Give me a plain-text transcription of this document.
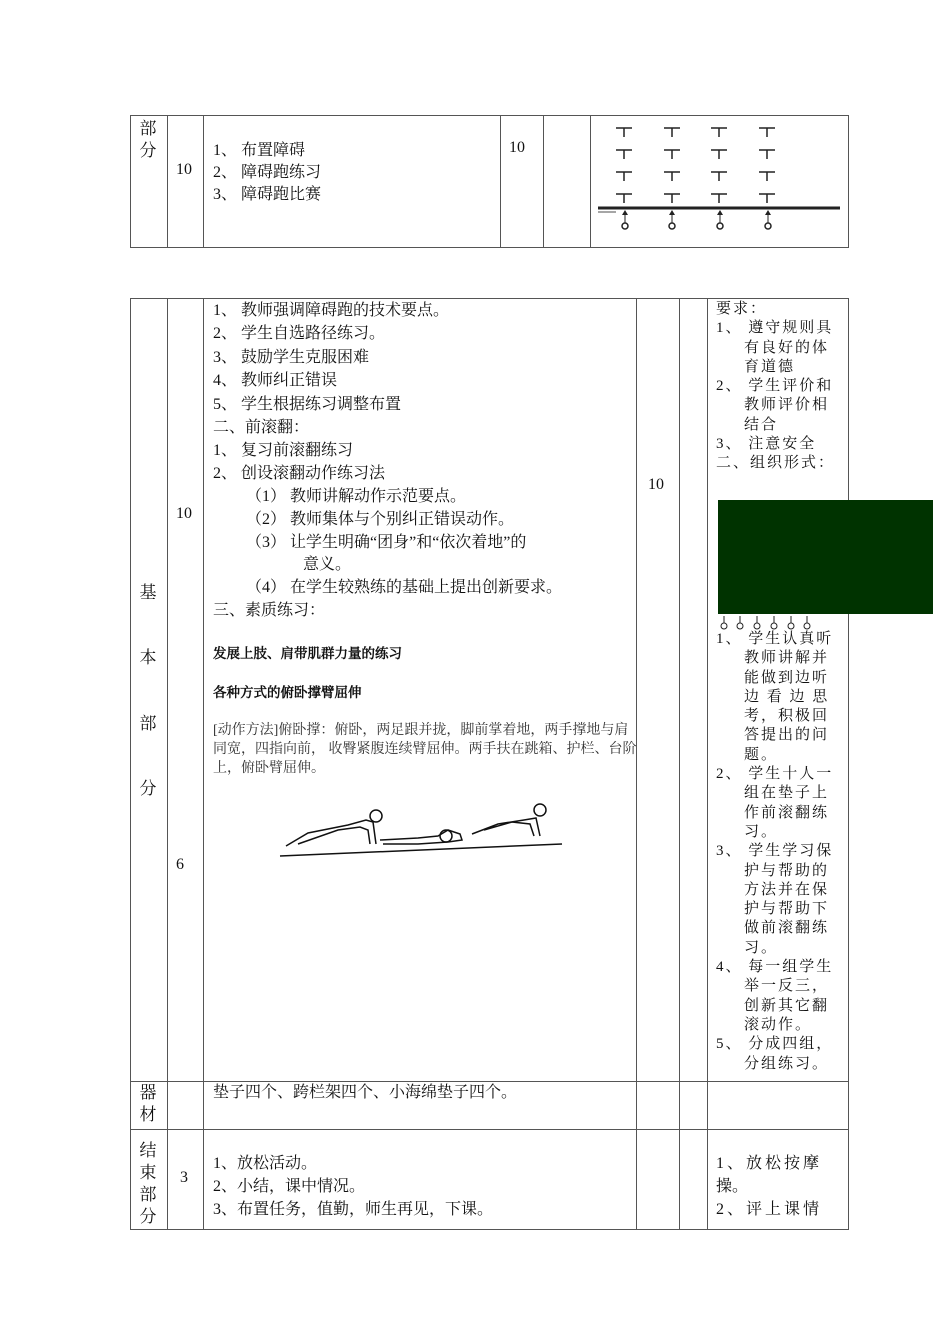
部分
10
1、 布置障碍
2、 障碍跑练习
3、 障碍跑比赛
10
基
本
部
分
10
6
10
1、 教师强调障碍跑的技术要点。
2、 学生自选路径练习。
3、 鼓励学生克服困难
4、 教师纠正错误
5、 学生根据练习调整布置
二、前滚翻：
1、 复习前滚翻练习
2、 创设滚翻动作练习法
（1） 教师讲解动作示范要点。
（2） 教师集体与个别纠正错误动作。
（3） 让学生明确“团身”和“依次着地”的
意义。
（4） 在学生较熟练的基础上提出创新要求。
三、素质练习：
发展上肢、肩带肌群力量的练习
各种方式的俯卧撑臂屈伸
[动作方法]俯卧撑：俯卧，两足跟并拢，脚前掌着地，两手撑地与肩同宽，四指向前， 收臀紧腹连续臂屈伸。两手扶在跳箱、护栏、台阶上，俯卧臂屈伸。
要求：
1、 遵守规则具
有良好的体
育道德
2、 学生评价和
教师评价相
结合
3、 注意安全
二、组织形式：
1、 学生认真听
教师讲解并
能做到边听
边 看 边 思
考，积极回
答提出的问
题。
2、 学生十人一
组在垫子上
作前滚翻练
习。
3、 学生学习保
护与帮助的
方法并在保
护与帮助下
做前滚翻练
习。
4、 每一组学生
举一反三，
创新其它翻
滚动作。
5、 分成四组，
分组练习。
器
材
垫子四个、跨栏架四个、小海绵垫子四个。
结
束
部
分
3
1、放松活动。
2、小结，课中情况。
3、布置任务，值勤，师生再见，下课。
1、放松按摩
操。
2、评上课情
